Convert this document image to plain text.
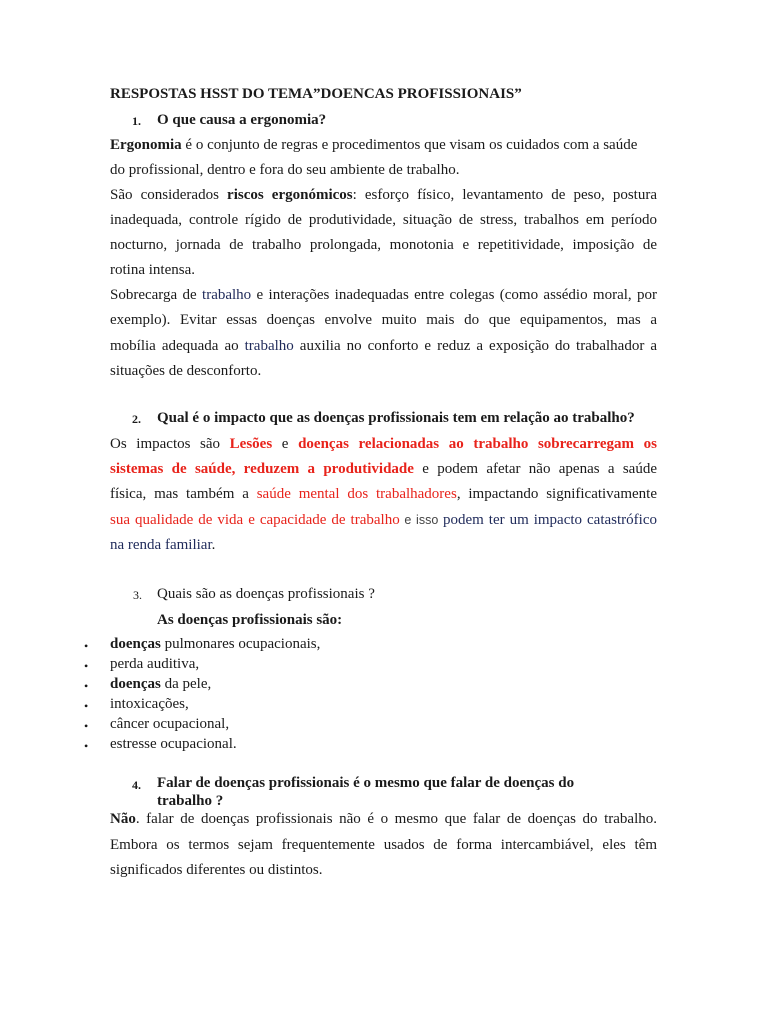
RESPOSTAS HSST DO TEMA”DOENCAS PROFISSIONAIS”
1. O que causa a ergonomia?
Ergonomia é o conjunto de regras e procedimentos que visam os cuidados com a saúde
do profissional, dentro e fora do seu ambiente de trabalho.
São considerados riscos ergonómicos: esforço físico, levantamento de peso, postura
inadequada, controle rígido de produtividade, situação de stress, trabalhos em período
nocturno, jornada de trabalho prolongada, monotonia e repetitividade, imposição de
rotina intensa.
Sobrecarga de trabalho e interações inadequadas entre colegas (como assédio moral, por
exemplo). Evitar essas doenças envolve muito mais do que equipamentos, mas a
mobília adequada ao trabalho auxilia no conforto e reduz a exposição do trabalhador a
situações de desconforto.
2. Qual é o impacto que as doenças profissionais tem em relação ao trabalho?
Os impactos são Lesões e doenças relacionadas ao trabalho sobrecarregam os
sistemas de saúde, reduzem a produtividade e podem afetar não apenas a saúde
física, mas também a saúde mental dos trabalhadores, impactando significativamente
sua qualidade de vida e capacidade de trabalho e isso podem ter um impacto catastrófico
na renda familiar.
3. Quais são as doenças profissionais ?
As doenças profissionais são:
• doenças pulmonares ocupacionais,
• perda auditiva,
• doenças da pele,
• intoxicações,
• câncer ocupacional,
• estresse ocupacional.
4. Falar de doenças profissionais é o mesmo que falar de doenças do
trabalho ?
Não. falar de doenças profissionais não é o mesmo que falar de doenças do trabalho.
Embora os termos sejam frequentemente usados de forma intercambiável, eles têm
significados diferentes ou distintos.
